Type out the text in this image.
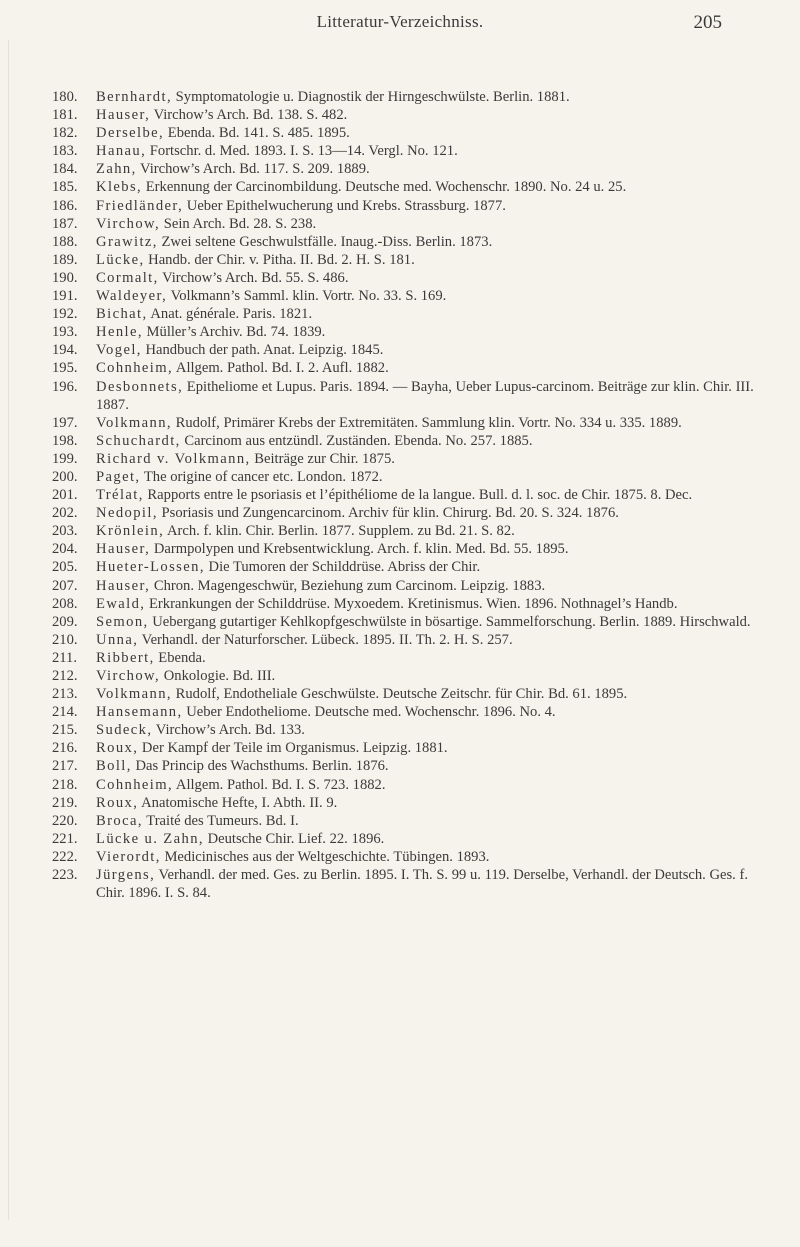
Litteratur-Verzeichniss.	205
180.	Bernhardt, Symptomatologie u. Diagnostik der Hirngeschwülste. Berlin. 1881.
181.	Hauser, Virchow’s Arch. Bd. 138. S. 482.
182.	Derselbe, Ebenda. Bd. 141. S. 485. 1895.
183.	Hanau, Fortschr. d. Med. 1893. I. S. 13—14. Vergl. No. 121.
184.	Zahn, Virchow’s Arch. Bd. 117. S. 209. 1889.
185.	Klebs, Erkennung der Carcinombildung. Deutsche med. Wochenschr. 1890. No. 24 u. 25.
186.	Friedländer, Ueber Epithelwucherung und Krebs. Strassburg. 1877.
187.	Virchow, Sein Arch. Bd. 28. S. 238.
188.	Grawitz, Zwei seltene Geschwulstfälle. Inaug.-Diss. Berlin. 1873.
189.	Lücke, Handb. der Chir. v. Pitha. II. Bd. 2. H. S. 181.
190.	Cormalt, Virchow’s Arch. Bd. 55. S. 486.
191.	Waldeyer, Volkmann’s Samml. klin. Vortr. No. 33. S. 169.
192.	Bichat, Anat. générale. Paris. 1821.
193.	Henle, Müller’s Archiv. Bd. 74. 1839.
194.	Vogel, Handbuch der path. Anat. Leipzig. 1845.
195.	Cohnheim, Allgem. Pathol. Bd. I. 2. Aufl. 1882.
196.	Desbonnets, Epitheliome et Lupus. Paris. 1894. — Bayha, Ueber Lupus-carcinom. Beiträge zur klin. Chir. III. 1887.
197.	Volkmann, Rudolf, Primärer Krebs der Extremitäten. Sammlung klin. Vortr. No. 334 u. 335. 1889.
198.	Schuchardt, Carcinom aus entzündl. Zuständen. Ebenda. No. 257. 1885.
199.	Richard v. Volkmann, Beiträge zur Chir. 1875.
200.	Paget, The origine of cancer etc. London. 1872.
201.	Trélat, Rapports entre le psoriasis et l’épithéliome de la langue. Bull. d. l. soc. de Chir. 1875. 8. Dec.
202.	Nedopil, Psoriasis und Zungencarcinom. Archiv für klin. Chirurg. Bd. 20. S. 324. 1876.
203.	Krönlein, Arch. f. klin. Chir. Berlin. 1877. Supplem. zu Bd. 21. S. 82.
204.	Hauser, Darmpolypen und Krebsentwicklung. Arch. f. klin. Med. Bd. 55. 1895.
205.	Hueter-Lossen, Die Tumoren der Schilddrüse. Abriss der Chir.
207.	Hauser, Chron. Magengeschwür, Beziehung zum Carcinom. Leipzig. 1883.
208.	Ewald, Erkrankungen der Schilddrüse. Myxoedem. Kretinismus. Wien. 1896. Nothnagel’s Handb.
209.	Semon, Uebergang gutartiger Kehlkopfgeschwülste in bösartige. Sammelforschung. Berlin. 1889. Hirschwald.
210.	Unna, Verhandl. der Naturforscher. Lübeck. 1895. II. Th. 2. H. S. 257.
211.	Ribbert, Ebenda.
212.	Virchow, Onkologie. Bd. III.
213.	Volkmann, Rudolf, Endotheliale Geschwülste. Deutsche Zeitschr. für Chir. Bd. 61. 1895.
214.	Hansemann, Ueber Endotheliome. Deutsche med. Wochenschr. 1896. No. 4.
215.	Sudeck, Virchow’s Arch. Bd. 133.
216.	Roux, Der Kampf der Teile im Organismus. Leipzig. 1881.
217.	Boll, Das Princip des Wachsthums. Berlin. 1876.
218.	Cohnheim, Allgem. Pathol. Bd. I. S. 723. 1882.
219.	Roux, Anatomische Hefte, I. Abth. II. 9.
220.	Broca, Traité des Tumeurs. Bd. I.
221.	Lücke u. Zahn, Deutsche Chir. Lief. 22. 1896.
222.	Vierordt, Medicinisches aus der Weltgeschichte. Tübingen. 1893.
223.	Jürgens, Verhandl. der med. Ges. zu Berlin. 1895. I. Th. S. 99 u. 119. Derselbe, Verhandl. der Deutsch. Ges. f. Chir. 1896. I. S. 84.
